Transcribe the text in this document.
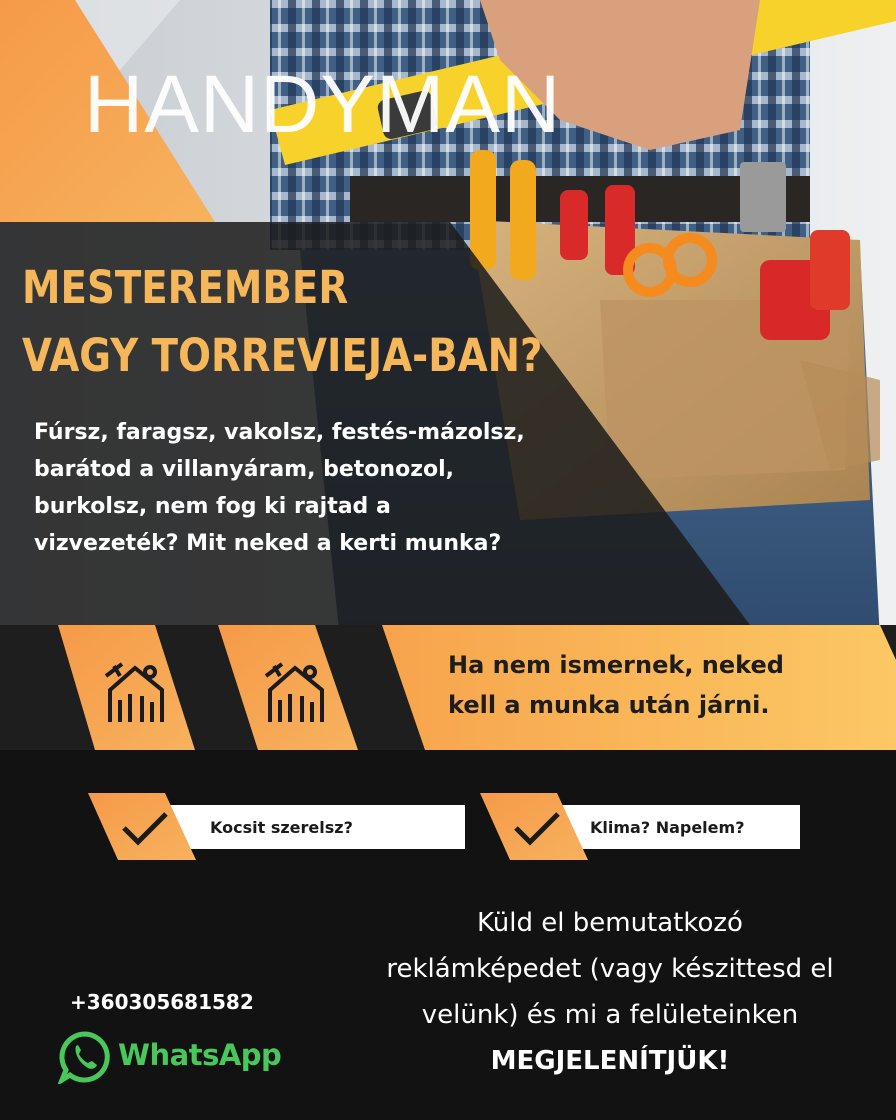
HANDYMAN
MESTEREMBER
VAGY TORREVIEJA-BAN?
Fúrsz, faragsz, vakolsz, festés-mázolsz,
barátod a villanyáram, betonozol,
burkolsz, nem fog ki rajtad a
vizvezeték? Mit neked a kerti munka?
Ha nem ismernek, neked
kell a munka után járni.
Kocsit szerelsz?	Klima? Napelem?
Küld el bemutatkozó
reklámképedet (vagy készittesd el
velünk) és mi a felületeinken
MEGJELENÍTJÜK!
+360305681582
WhatsApp
